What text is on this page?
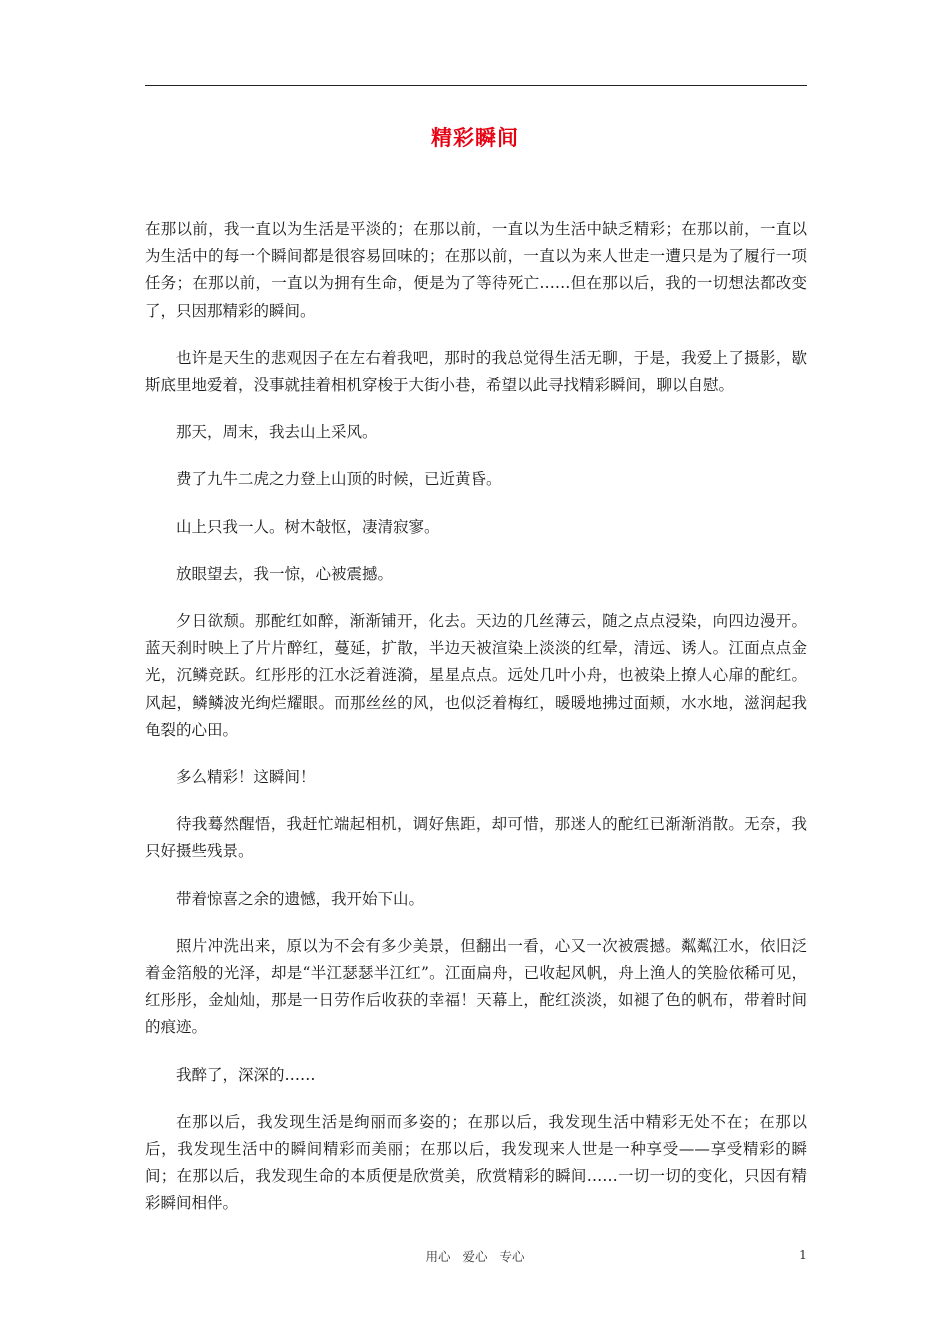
精彩瞬间

在那以前，我一直以为生活是平淡的；在那以前，一直以为生活中缺乏精彩；在那以前，一直以为生活中的每一个瞬间都是很容易回味的；在那以前，一直以为来人世走一遭只是为了履行一项任务；在那以前，一直以为拥有生命，便是为了等待死亡……但在那以后，我的一切想法都改变了，只因那精彩的瞬间。

也许是天生的悲观因子在左右着我吧，那时的我总觉得生活无聊，于是，我爱上了摄影，歇斯底里地爱着，没事就挂着相机穿梭于大街小巷，希望以此寻找精彩瞬间，聊以自慰。

那天，周末，我去山上采风。

费了九牛二虎之力登上山顶的时候，已近黄昏。

山上只我一人。树木敧怄，凄清寂寥。

放眼望去，我一惊，心被震撼。

夕日欲颓。那酡红如醉，渐渐铺开，化去。天边的几丝薄云，随之点点浸染，向四边漫开。蓝天刹时映上了片片醉红，蔓延，扩散，半边天被渲染上淡淡的红晕，清远、诱人。江面点点金光，沉鳞竞跃。红彤彤的江水泛着涟漪，星星点点。远处几叶小舟，也被染上撩人心扉的酡红。风起，鳞鳞波光绚烂耀眼。而那丝丝的风，也似泛着梅红，暖暖地拂过面颊，水水地，滋润起我龟裂的心田。

多么精彩！这瞬间！

待我蓦然醒悟，我赶忙端起相机，调好焦距，却可惜，那迷人的酡红已渐渐消散。无奈，我只好摄些残景。

带着惊喜之余的遗憾，我开始下山。

照片冲洗出来，原以为不会有多少美景，但翻出一看，心又一次被震撼。粼粼江水，依旧泛着金箔般的光泽，却是“半江瑟瑟半江红”。江面扁舟，已收起风帆，舟上渔人的笑脸依稀可见，红彤彤，金灿灿，那是一日劳作后收获的幸福！天幕上，酡红淡淡，如褪了色的帆布，带着时间的痕迹。

我醉了，深深的……

在那以后，我发现生活是绚丽而多姿的；在那以后，我发现生活中精彩无处不在；在那以后，我发现生活中的瞬间精彩而美丽；在那以后，我发现来人世是一种享受——享受精彩的瞬间；在那以后，我发现生命的本质便是欣赏美，欣赏精彩的瞬间……一切一切的变化，只因有精彩瞬间相伴。

用心 爱心 专心	1
